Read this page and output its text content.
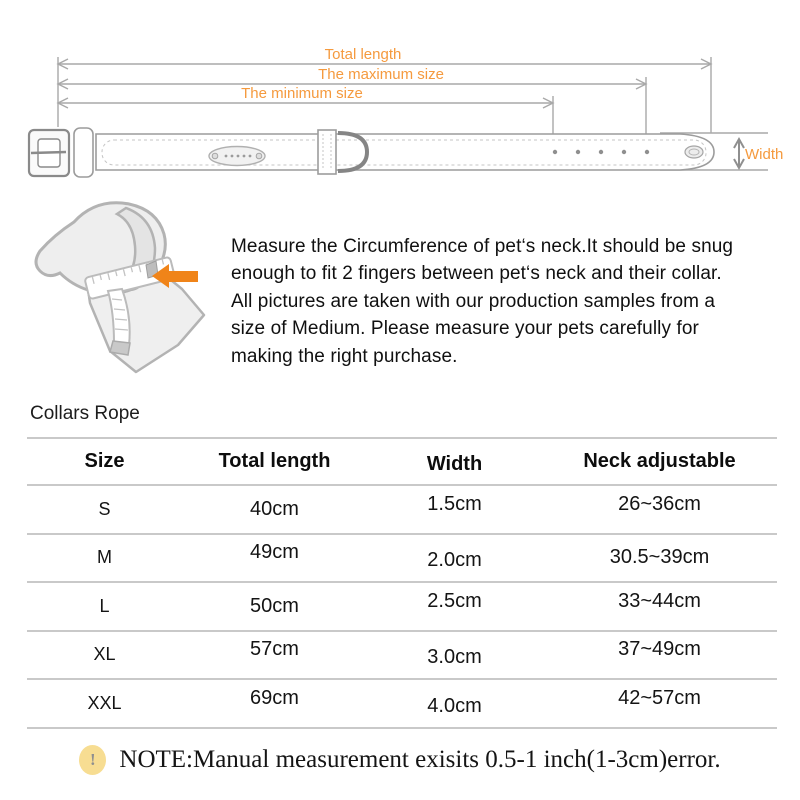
Total length
The maximum size
The minimum size
Width
Measure the Circumference of pet‘s neck.It should be snug
enough to fit 2 fingers between pet‘s neck and their collar.
All pictures are taken with our production samples from a
size of Medium. Please measure your pets carefully for
making the right purchase.
Collars Rope
Size	Total length	Width	Neck adjustable
S	40cm	1.5cm	26~36cm
M	49cm	2.0cm	30.5~39cm
L	50cm	2.5cm	33~44cm
XL	57cm	3.0cm	37~49cm
XXL	69cm	4.0cm	42~57cm
! NOTE:Manual measurement exisits 0.5-1 inch(1-3cm)error.
